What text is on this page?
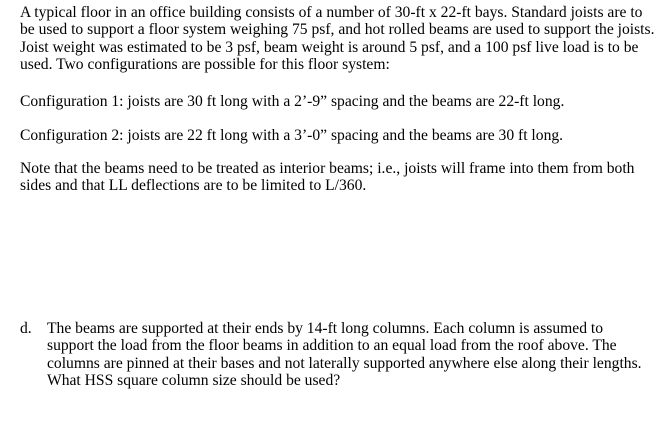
A typical floor in an office building consists of a number of 30-ft x 22-ft bays. Standard joists are to be used to support a floor system weighing 75 psf, and hot rolled beams are used to support the joists. Joist weight was estimated to be 3 psf, beam weight is around 5 psf, and a 100 psf live load is to be used. Two configurations are possible for this floor system:

Configuration 1: joists are 30 ft long with a 2’-9” spacing and the beams are 22-ft long.

Configuration 2: joists are 22 ft long with a 3’-0” spacing and the beams are 30 ft long.

Note that the beams need to be treated as interior beams; i.e., joists will frame into them from both sides and that LL deflections are to be limited to L/360.

d. The beams are supported at their ends by 14-ft long columns. Each column is assumed to support the load from the floor beams in addition to an equal load from the roof above. The columns are pinned at their bases and not laterally supported anywhere else along their lengths. What HSS square column size should be used?
